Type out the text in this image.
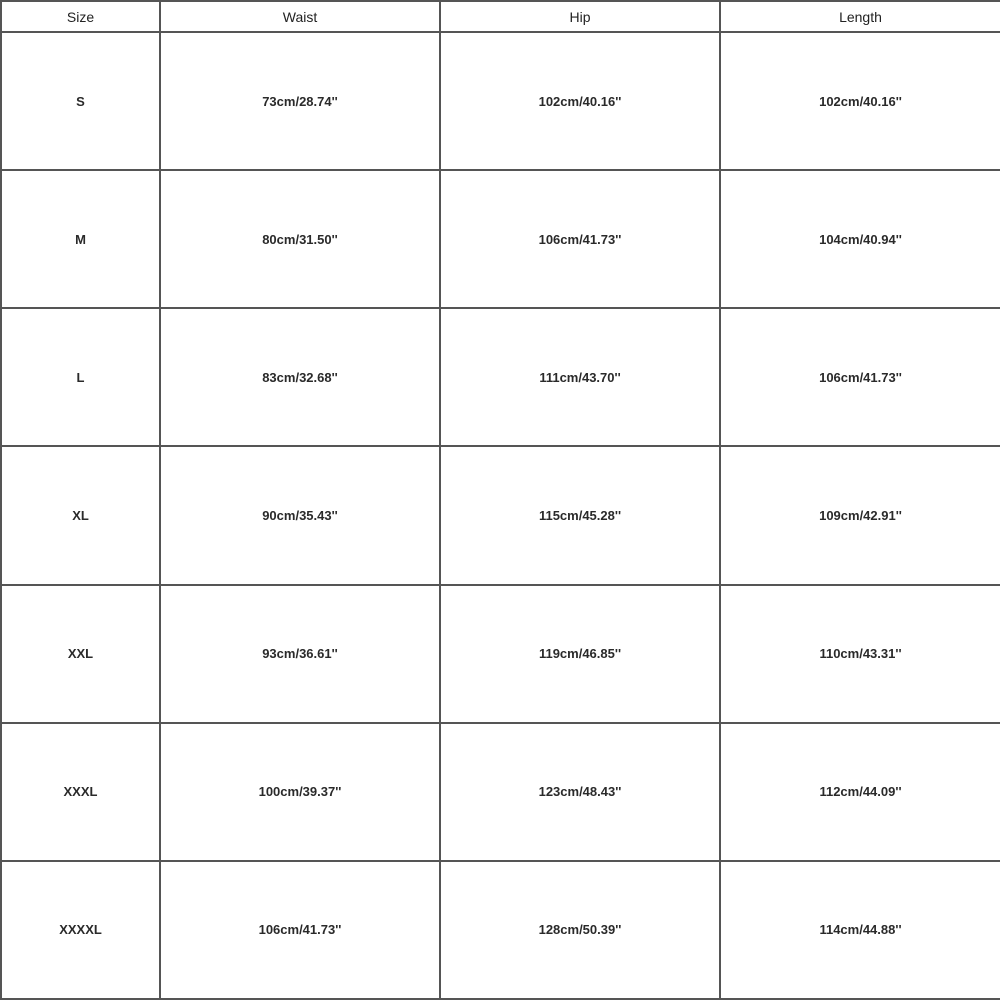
Size	Waist	Hip	Length
S	73cm/28.74''	102cm/40.16''	102cm/40.16''
M	80cm/31.50''	106cm/41.73''	104cm/40.94''
L	83cm/32.68''	111cm/43.70''	106cm/41.73''
XL	90cm/35.43''	115cm/45.28''	109cm/42.91''
XXL	93cm/36.61''	119cm/46.85''	110cm/43.31''
XXXL	100cm/39.37''	123cm/48.43''	112cm/44.09''
XXXXL	106cm/41.73''	128cm/50.39''	114cm/44.88''
